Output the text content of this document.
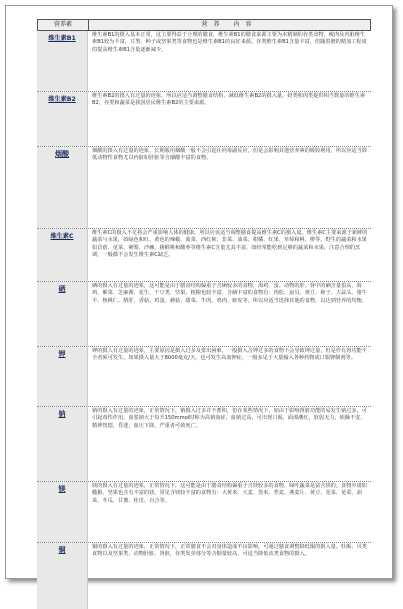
营养素	营养 内容
维生素B1	维生素B1的摄入基本正常，这主要得益于合理的膳食，维生素B1的膳食来源主要为未精制的谷类食物，瘦肉及内脏维生素B1较为丰富，豆类、种子或坚果类等食物也是维生素B1的良好来源。谷类维生素B1含量丰富，但随着磨的精加工程度的提高维生素B1含量逐渐减少。
维生素B2	维生素B2的摄入有过量的迹象，所以应适当调整膳食结构，减低维生素B2的摄入量。奶类和肉类提供相当数量的维生素B2，谷类和蔬菜是我国居民维生素B2的主要来源。
烟酸	烟酸的摄入有过量的迹象，长期服用烟酸一般不会引起任何毒副反应，但是会影响其他营养素的吸收利用，所以应适当降低动物性食物尤以内脏如肝脏等含烟酸丰富的食物。
维生素C	维生素C的摄入不足将会严重影响人体的健康，所以应该适当调整膳食提高维生素C的摄入量。维生素C主要来源于新鲜的蔬菜与水果，如绿色和红、黄色的辣椒、菠菜、西红柿、韭菜、油菜、柑橘、红果、草莓和桃、橙等，野生的蔬菜和水果如苜蓿、苋菜、刺梨、沙棘、猕猴桃和酸枣等维生素C含量尤其丰富，如经常能吃到足够的蔬菜和水果，注意合理的烹调，一般都不会发生维生素C缺乏。
硒	硒的摄入有过量的迹象，这可能是由于膳食结构偏重于含硒较多的食物，海鸡、蛋、动物的肝、肾中的硒含量很高，海鸡、紫菜、芝麻酱、花生、干豆类、坚果、粗粮也较丰富，含硒丰富的食物有：肉松、扇贝、黄豆、柿子、大蒜头、猪牛羊、核桃仁、猪肝、香菇、鸡蛋、蘑菇、甜菜、牛肉、鸡肉、虾皮等，所以应适当选择其他的食物，以达到营养的均衡。
钾	钾的摄入有过量的迹象，主要原因是摄入过多及排出困难，一般摄入含钾过多的食物不会导致钾过量，但是作有肾功能不全者须可发生。如果摄入量大于8000毫克/天，也可发生高血钾症，一般多见于大量输入各种药物或口服钾制剂等。
钠	钠的摄入有过量的迹象，正常情况下，钠摄入过多并不蓄积，但在某些情况下，如由于影响肾脏功能的易发生钠过多，可引起毒性作用。血浆钠大于每升150mmol时称为高钠血症，血钠过高，可出现口渴，面部潮红，软弱无力，烦躁不安，精神恍惚，昏迷，血压下降，严重者可致死亡。
镁	镁的摄入有过量的迹象，正常情况下，这可能是由于膳食结构偏重于含镁较多的食物，绿叶蔬菜是富含镁的，食物中诸如糙粮、坚果也含有丰富的镁，常见含镁较丰富的食物有：大黄米、大麦、黑米、荞麦、燕麦片、黄豆、苋菜、苋菜、油菜、冬瓜、甘薯、桂皮、百合等。
铜	铜的摄入有过量的迹象，正常情况下，正常膳食不会对身体造成不良影响，可通过膳食调整降低铜的摄入量。牡蛎、贝类食物以及坚果类、动物肝脏、肾脏，谷类发芽部分等含铜量较高，可适当降低该类食物的摄入。
